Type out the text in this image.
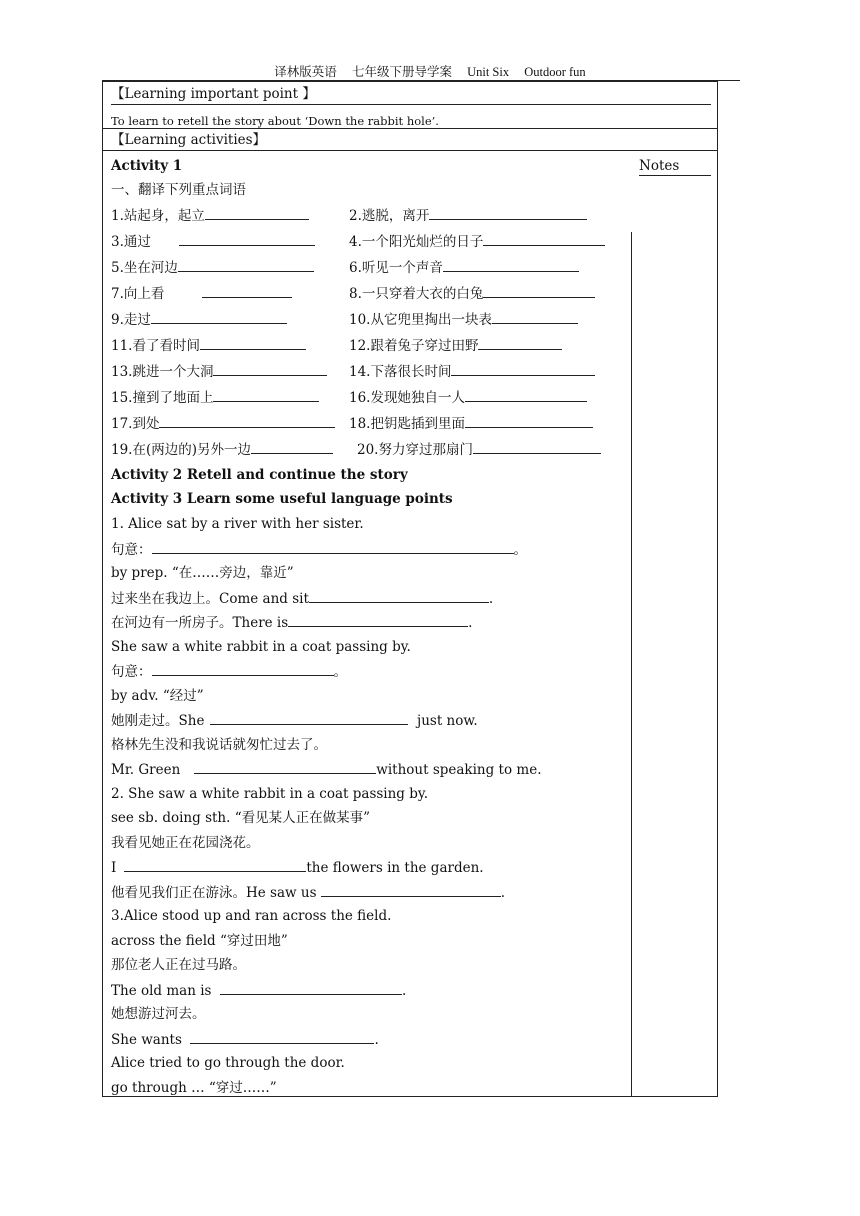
译林版英语 七年级下册导学案 Unit Six Outdoor fun
【Learning important point 】
To learn to retell the story about ‘Down the rabbit hole’.
【Learning activities】
Notes
Activity 1
一、翻译下列重点词语
1.站起身，起立	2.逃脱，离开
3.通过	4.一个阳光灿烂的日子
5.坐在河边	6.听见一个声音
7.向上看	8.一只穿着大衣的白兔
9.走过	10.从它兜里掏出一块表
11.看了看时间	12.跟着兔子穿过田野
13.跳进一个大洞	14.下落很长时间
15.撞到了地面上	16.发现她独自一人
17.到处	18.把钥匙插到里面
19.在(两边的)另外一边	20.努力穿过那扇门
Activity 2 Retell and continue the story
Activity 3 Learn some useful language points
1. Alice sat by a river with her sister.
句意：	。
by prep. “在……旁边，靠近”
过来坐在我边上。Come and sit	.
在河边有一所房子。There is	.
She saw a white rabbit in a coat passing by.
句意：	。
by adv. “经过”
她刚走过。She	just now.
格林先生没和我说话就匆忙过去了。
Mr. Green	without speaking to me.
2. She saw a white rabbit in a coat passing by.
see sb. doing sth. “看见某人正在做某事”
我看见她正在花园浇花。
I	the flowers in the garden.
他看见我们正在游泳。He saw us	.
3.Alice stood up and ran across the field.
across the field “穿过田地”
那位老人正在过马路。
The old man is	.
她想游过河去。
She wants	.
Alice tried to go through the door.
go through … “穿过……”
